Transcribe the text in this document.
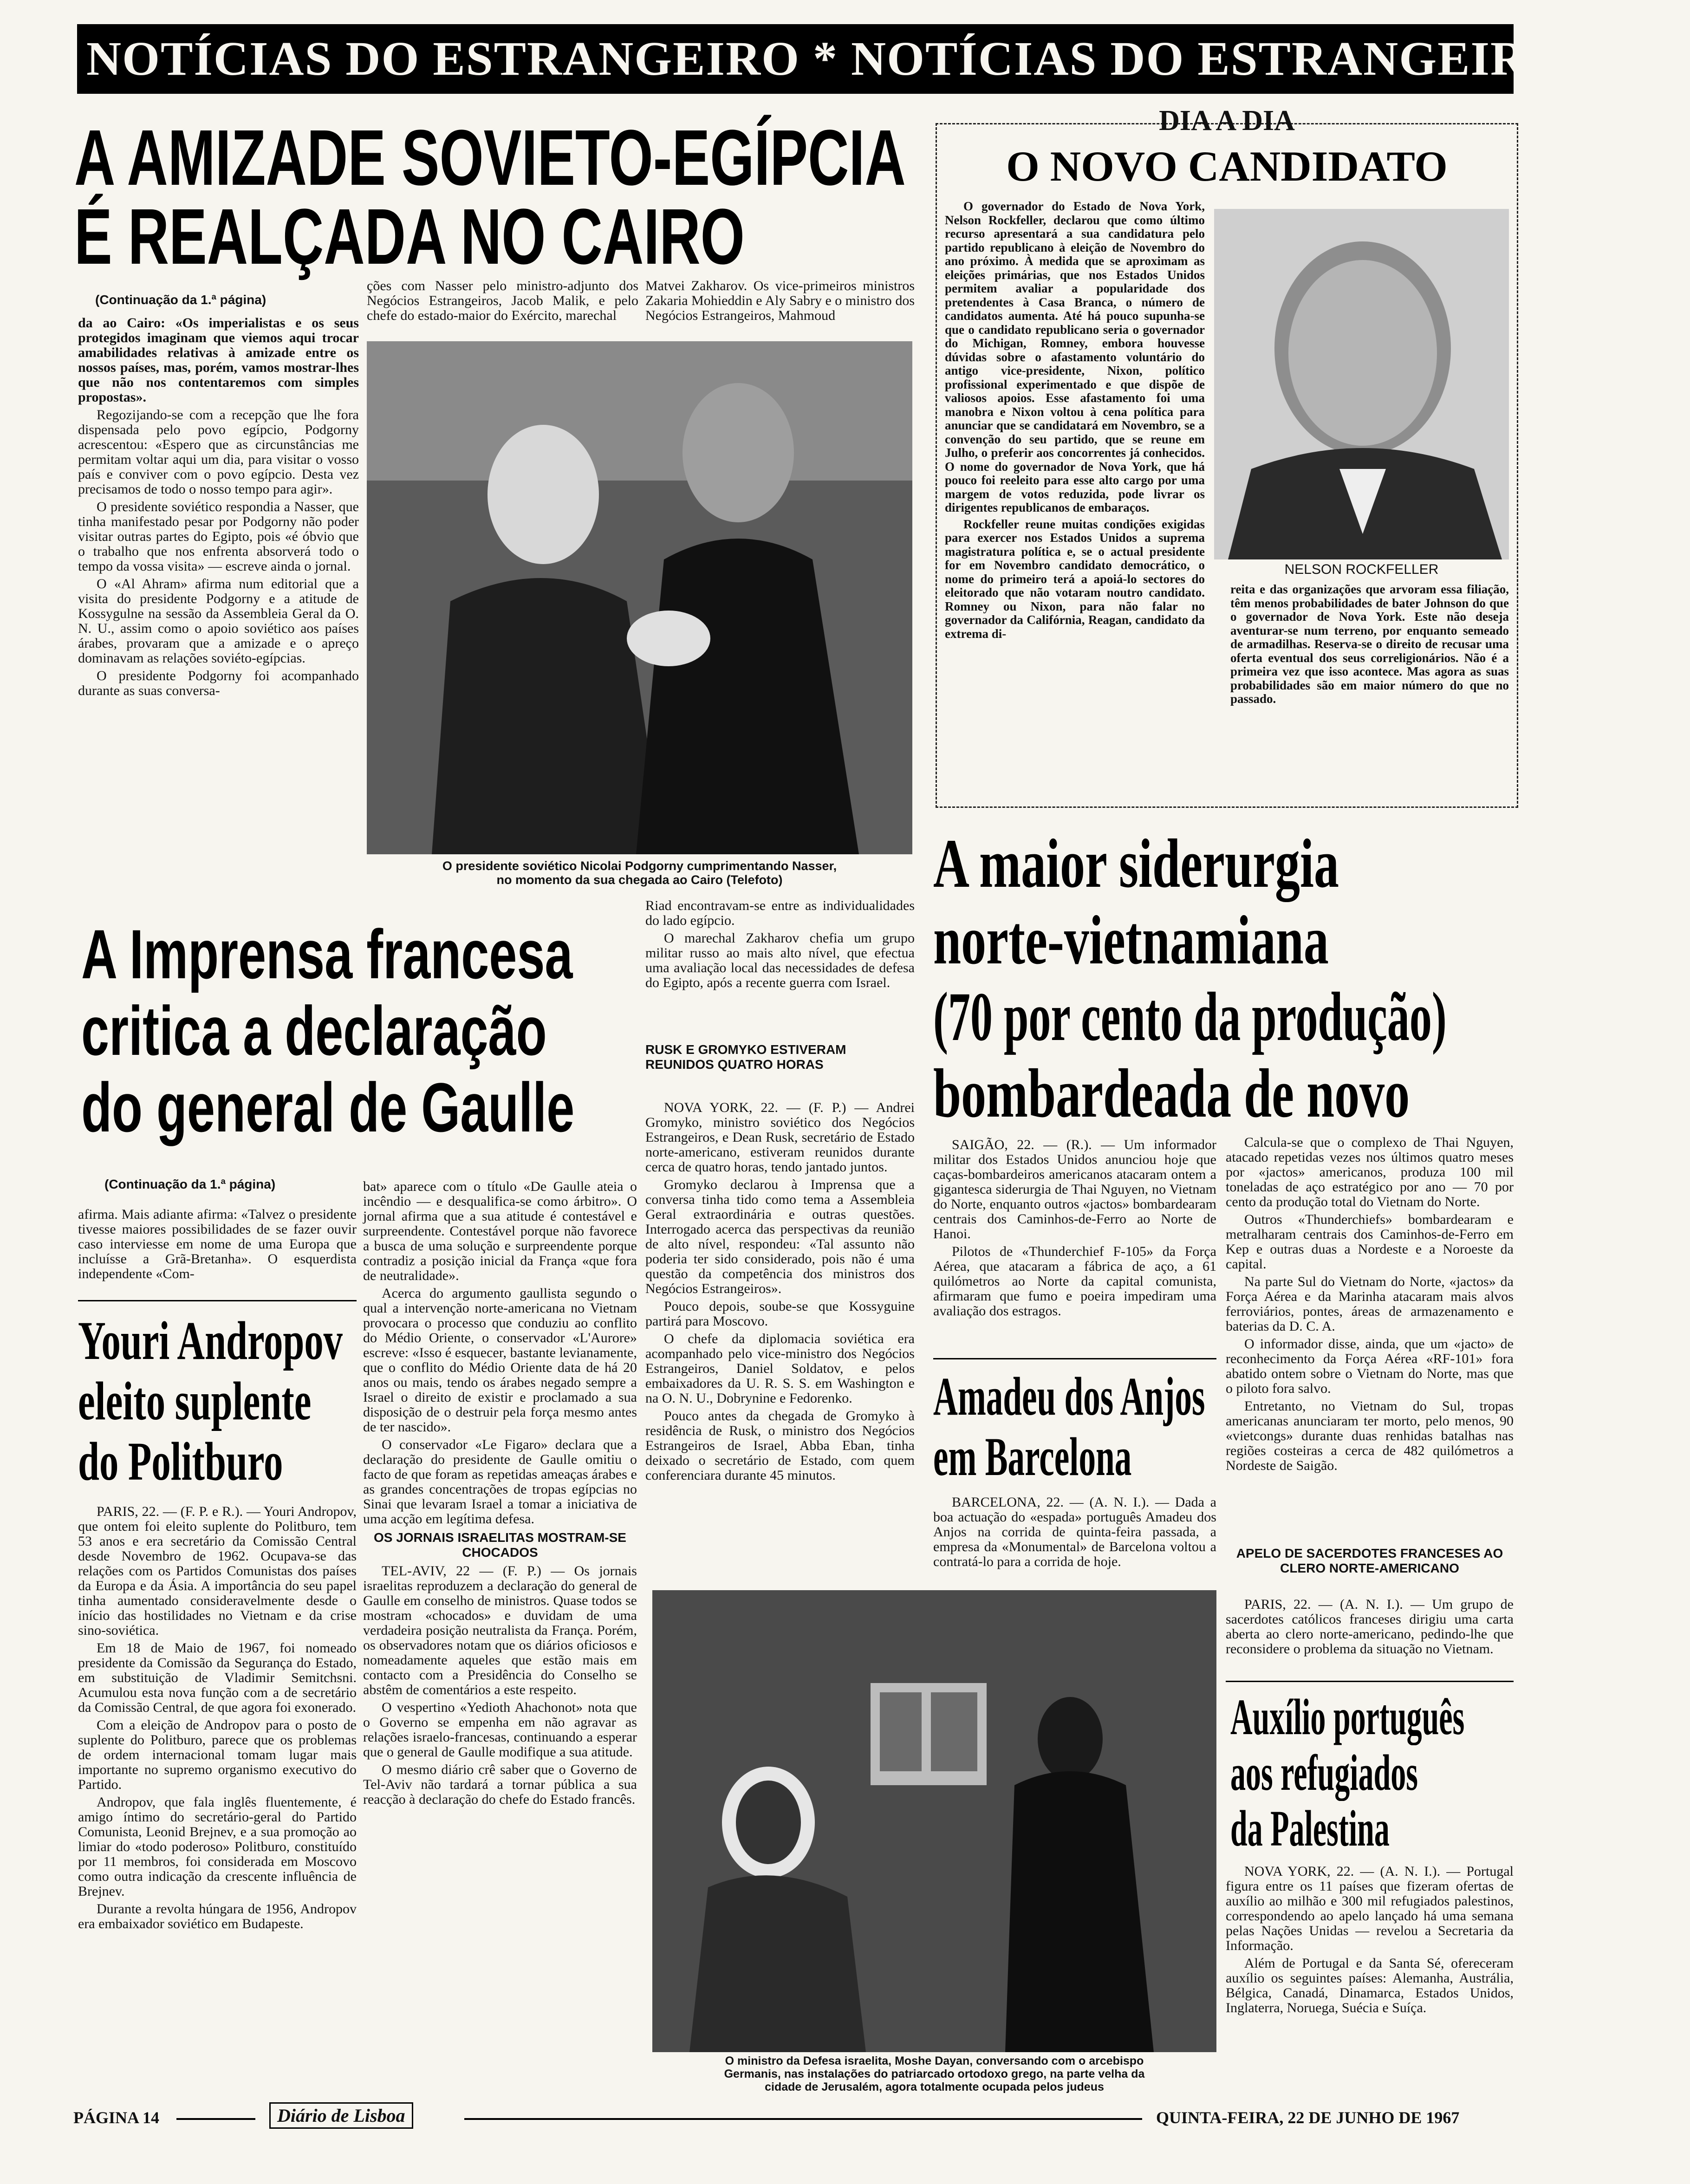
NOTÍCIAS DO ESTRANGEIRO * NOTÍCIAS DO ESTRANGEIRO * NO
A AMIZADE SOVIETO-EGÍPCIA
É REALÇADA NO CAIRO
(Continuação da 1.ª página)

da ao Cairo: «Os imperialistas e os seus protegidos imaginam que viemos aqui trocar amabilidades relativas à amizade entre os nossos países, mas, porém, vamos mostrar-lhes que não nos contentaremos com simples propostas».

Regozijando-se com a recepção que lhe fora dispensada pelo povo egípcio, Podgorny acrescentou: «Espero que as circunstâncias me permitam voltar aqui um dia, para visitar o vosso país e conviver com o povo egípcio. Desta vez precisamos de todo o nosso tempo para agir».

O presidente soviético respondia a Nasser, que tinha manifestado pesar por Podgorny não poder visitar outras partes do Egipto, pois «é óbvio que o trabalho que nos enfrenta absorverá todo o tempo da vossa visita» — escreve ainda o jornal.

O «Al Ahram» afirma num editorial que a visita do presidente Podgorny e a atitude de Kossygulne na sessão da Assembleia Geral da O. N. U., assim como o apoio soviético aos países árabes, provaram que a amizade e o apreço dominavam as relações soviéto-egípcias.

O presidente Podgorny foi acompanhado durante as suas conversa-

ções com Nasser pelo ministro-adjunto dos Negócios Estrangeiros, Jacob Malik, e pelo chefe do estado-maior do Exército, marechal

Matvei Zakharov. Os vice-primeiros ministros Zakaria Mohieddin e Aly Sabry e o ministro dos Negócios Estrangeiros, Mahmoud

O presidente soviético Nicolai Podgorny cumprimentando Nasser,
no momento da sua chegada ao Cairo (Telefoto)
DIA A DIA
O NOVO CANDIDATO

O governador do Estado de Nova York, Nelson Rockfeller, declarou que como último recurso apresentará a sua candidatura pelo partido republicano à eleição de Novembro do ano próximo. À medida que se aproximam as eleições primárias, que nos Estados Unidos permitem avaliar a popularidade dos pretendentes à Casa Branca, o número de candidatos aumenta. Até há pouco supunha-se que o candidato republicano seria o governador do Michigan, Romney, embora houvesse dúvidas sobre o afastamento voluntário do antigo vice-presidente, Nixon, político profissional experimentado e que dispõe de valiosos apoios. Esse afastamento foi uma manobra e Nixon voltou à cena política para anunciar que se candidatará em Novembro, se a convenção do seu partido, que se reune em Julho, o preferir aos concorrentes já conhecidos. O nome do governador de Nova York, que há pouco foi reeleito para esse alto cargo por uma margem de votos reduzida, pode livrar os dirigentes republicanos de embaraços.

Rockfeller reune muitas condições exigidas para exercer nos Estados Unidos a suprema magistratura política e, se o actual presidente for em Novembro candidato democrático, o nome do primeiro terá a apoiá-lo sectores do eleitorado que não votaram noutro candidato. Romney ou Nixon, para não falar no governador da Califórnia, Reagan, candidato da extrema di-

NELSON ROCKFELLER

reita e das organizações que arvoram essa filiação, têm menos probabilidades de bater Johnson do que o governador de Nova York. Este não deseja aventurar-se num terreno, por enquanto semeado de armadilhas. Reserva-se o direito de recusar uma oferta eventual dos seus correligionários. Não é a primeira vez que isso acontece. Mas agora as suas probabilidades são em maior número do que no passado.

A Imprensa francesa
critica a declaração
do general de Gaulle
(Continuação da 1.ª página)

afirma. Mais adiante afirma: «Talvez o presidente tivesse maiores possibilidades de se fazer ouvir caso interviesse em nome de uma Europa que incluísse a Grã-Bretanha». O esquerdista independente «Com-

bat» aparece com o título «De Gaulle ateia o incêndio — e desqualifica-se como árbitro». O jornal afirma que a sua atitude é contestável e surpreendente. Contestável porque não favorece a busca de uma solução e surpreendente porque contradiz a posição inicial da França «que fora de neutralidade».

Acerca do argumento gaullista segundo o qual a intervenção norte-americana no Vietnam provocara o processo que conduziu ao conflito do Médio Oriente, o conservador «L'Aurore» escreve: «Isso é esquecer, bastante levianamente, que o conflito do Médio Oriente data de há 20 anos ou mais, tendo os árabes negado sempre a Israel o direito de existir e proclamado a sua disposição de o destruir pela força mesmo antes de ter nascido».

O conservador «Le Figaro» declara que a declaração do presidente de Gaulle omitiu o facto de que foram as repetidas ameaças árabes e as grandes concentrações de tropas egípcias no Sinai que levaram Israel a tomar a iniciativa de uma acção em legítima defesa.

OS JORNAIS ISRAELITAS MOSTRAM-SE CHOCADOS

TEL-AVIV, 22 — (F. P.) — Os jornais israelitas reproduzem a declaração do general de Gaulle em conselho de ministros. Quase todos se mostram «chocados» e duvidam de uma verdadeira posição neutralista da França. Porém, os observadores notam que os diários oficiosos e nomeadamente aqueles que estão mais em contacto com a Presidência do Conselho se abstêm de comentários a este respeito.

O vespertino «Yedioth Ahachonot» nota que o Governo se empenha em não agravar as relações israelo-francesas, continuando a esperar que o general de Gaulle modifique a sua atitude.

O mesmo diário crê saber que o Governo de Tel-Aviv não tardará a tornar pública a sua reacção à declaração do chefe do Estado francês.

Riad encontravam-se entre as individualidades do lado egípcio.

O marechal Zakharov chefia um grupo militar russo ao mais alto nível, que efectua uma avaliação local das necessidades de defesa do Egipto, após a recente guerra com Israel.

RUSK E GROMYKO ESTIVERAM REUNIDOS QUATRO HORAS

NOVA YORK, 22. — (F. P.) — Andrei Gromyko, ministro soviético dos Negócios Estrangeiros, e Dean Rusk, secretário de Estado norte-americano, estiveram reunidos durante cerca de quatro horas, tendo jantado juntos.

Gromyko declarou à Imprensa que a conversa tinha tido como tema a Assembleia Geral extraordinária e outras questões. Interrogado acerca das perspectivas da reunião de alto nível, respondeu: «Tal assunto não poderia ter sido considerado, pois não é uma questão da competência dos ministros dos Negócios Estrangeiros».

Pouco depois, soube-se que Kossyguine partirá para Moscovo.

O chefe da diplomacia soviética era acompanhado pelo vice-ministro dos Negócios Estrangeiros, Daniel Soldatov, e pelos embaixadores da U. R. S. S. em Washington e na O. N. U., Dobrynine e Fedorenko.

Pouco antes da chegada de Gromyko à residência de Rusk, o ministro dos Negócios Estrangeiros de Israel, Abba Eban, tinha deixado o secretário de Estado, com quem conferenciara durante 45 minutos.

Youri Andropov
eleito suplente
do Politburo

PARIS, 22. — (F. P. e R.). — Youri Andropov, que ontem foi eleito suplente do Politburo, tem 53 anos e era secretário da Comissão Central desde Novembro de 1962. Ocupava-se das relações com os Partidos Comunistas dos países da Europa e da Ásia. A importância do seu papel tinha aumentado consideravelmente desde o início das hostilidades no Vietnam e da crise sino-soviética.

Em 18 de Maio de 1967, foi nomeado presidente da Comissão da Segurança do Estado, em substituição de Vladimir Semitchsni. Acumulou esta nova função com a de secretário da Comissão Central, de que agora foi exonerado.

Com a eleição de Andropov para o posto de suplente do Politburo, parece que os problemas de ordem internacional tomam lugar mais importante no supremo organismo executivo do Partido.

Andropov, que fala inglês fluentemente, é amigo íntimo do secretário-geral do Partido Comunista, Leonid Brejnev, e a sua promoção ao limiar do «todo poderoso» Politburo, constituído por 11 membros, foi considerada em Moscovo como outra indicação da crescente influência de Brejnev.

Durante a revolta húngara de 1956, Andropov era embaixador soviético em Budapeste.

A maior siderurgia
norte-vietnamiana
(70 por cento da produção)
bombardeada de novo

SAIGÃO, 22. — (R.). — Um informador militar dos Estados Unidos anunciou hoje que caças-bombardeiros americanos atacaram ontem a gigantesca siderurgia de Thai Nguyen, no Vietnam do Norte, enquanto outros «jactos» bombardearam centrais dos Caminhos-de-Ferro ao Norte de Hanoi.

Pilotos de «Thunderchief F-105» da Força Aérea, que atacaram a fábrica de aço, a 61 quilómetros ao Norte da capital comunista, afirmaram que fumo e poeira impediram uma avaliação dos estragos.

Calcula-se que o complexo de Thai Nguyen, atacado repetidas vezes nos últimos quatro meses por «jactos» americanos, produza 100 mil toneladas de aço estratégico por ano — 70 por cento da produção total do Vietnam do Norte.

Outros «Thunderchiefs» bombardearam e metralharam centrais dos Caminhos-de-Ferro em Kep e outras duas a Nordeste e a Noroeste da capital.

Na parte Sul do Vietnam do Norte, «jactos» da Força Aérea e da Marinha atacaram mais alvos ferroviários, pontes, áreas de armazenamento e baterias da D. C. A.

O informador disse, ainda, que um «jacto» de reconhecimento da Força Aérea «RF-101» fora abatido ontem sobre o Vietnam do Norte, mas que o piloto fora salvo.

Entretanto, no Vietnam do Sul, tropas americanas anunciaram ter morto, pelo menos, 90 «vietcongs» durante duas renhidas batalhas nas regiões costeiras a cerca de 482 quilómetros a Nordeste de Saigão.

Amadeu dos Anjos
em Barcelona

BARCELONA, 22. — (A. N. I.). — Dada a boa actuação do «espada» português Amadeu dos Anjos na corrida de quinta-feira passada, a empresa da «Monumental» de Barcelona voltou a contratá-lo para a corrida de hoje.

APELO DE SACERDOTES FRANCESES AO CLERO NORTE-AMERICANO

PARIS, 22. — (A. N. I.). — Um grupo de sacerdotes católicos franceses dirigiu uma carta aberta ao clero norte-americano, pedindo-lhe que reconsidere o problema da situação no Vietnam.

Auxílio português
aos refugiados
da Palestina

NOVA YORK, 22. — (A. N. I.). — Portugal figura entre os 11 países que fizeram ofertas de auxílio ao milhão e 300 mil refugiados palestinos, correspondendo ao apelo lançado há uma semana pelas Nações Unidas — revelou a Secretaria da Informação.

Além de Portugal e da Santa Sé, ofereceram auxílio os seguintes países: Alemanha, Austrália, Bélgica, Canadá, Dinamarca, Estados Unidos, Inglaterra, Noruega, Suécia e Suíça.

O ministro da Defesa israelita, Moshe Dayan, conversando com o arcebispo
Germanis, nas instalações do patriarcado ortodoxo grego, na parte velha da
cidade de Jerusalém, agora totalmente ocupada pelos judeus
PÁGINA 14	Diário de Lisboa	QUINTA-FEIRA, 22 DE JUNHO DE 1967
